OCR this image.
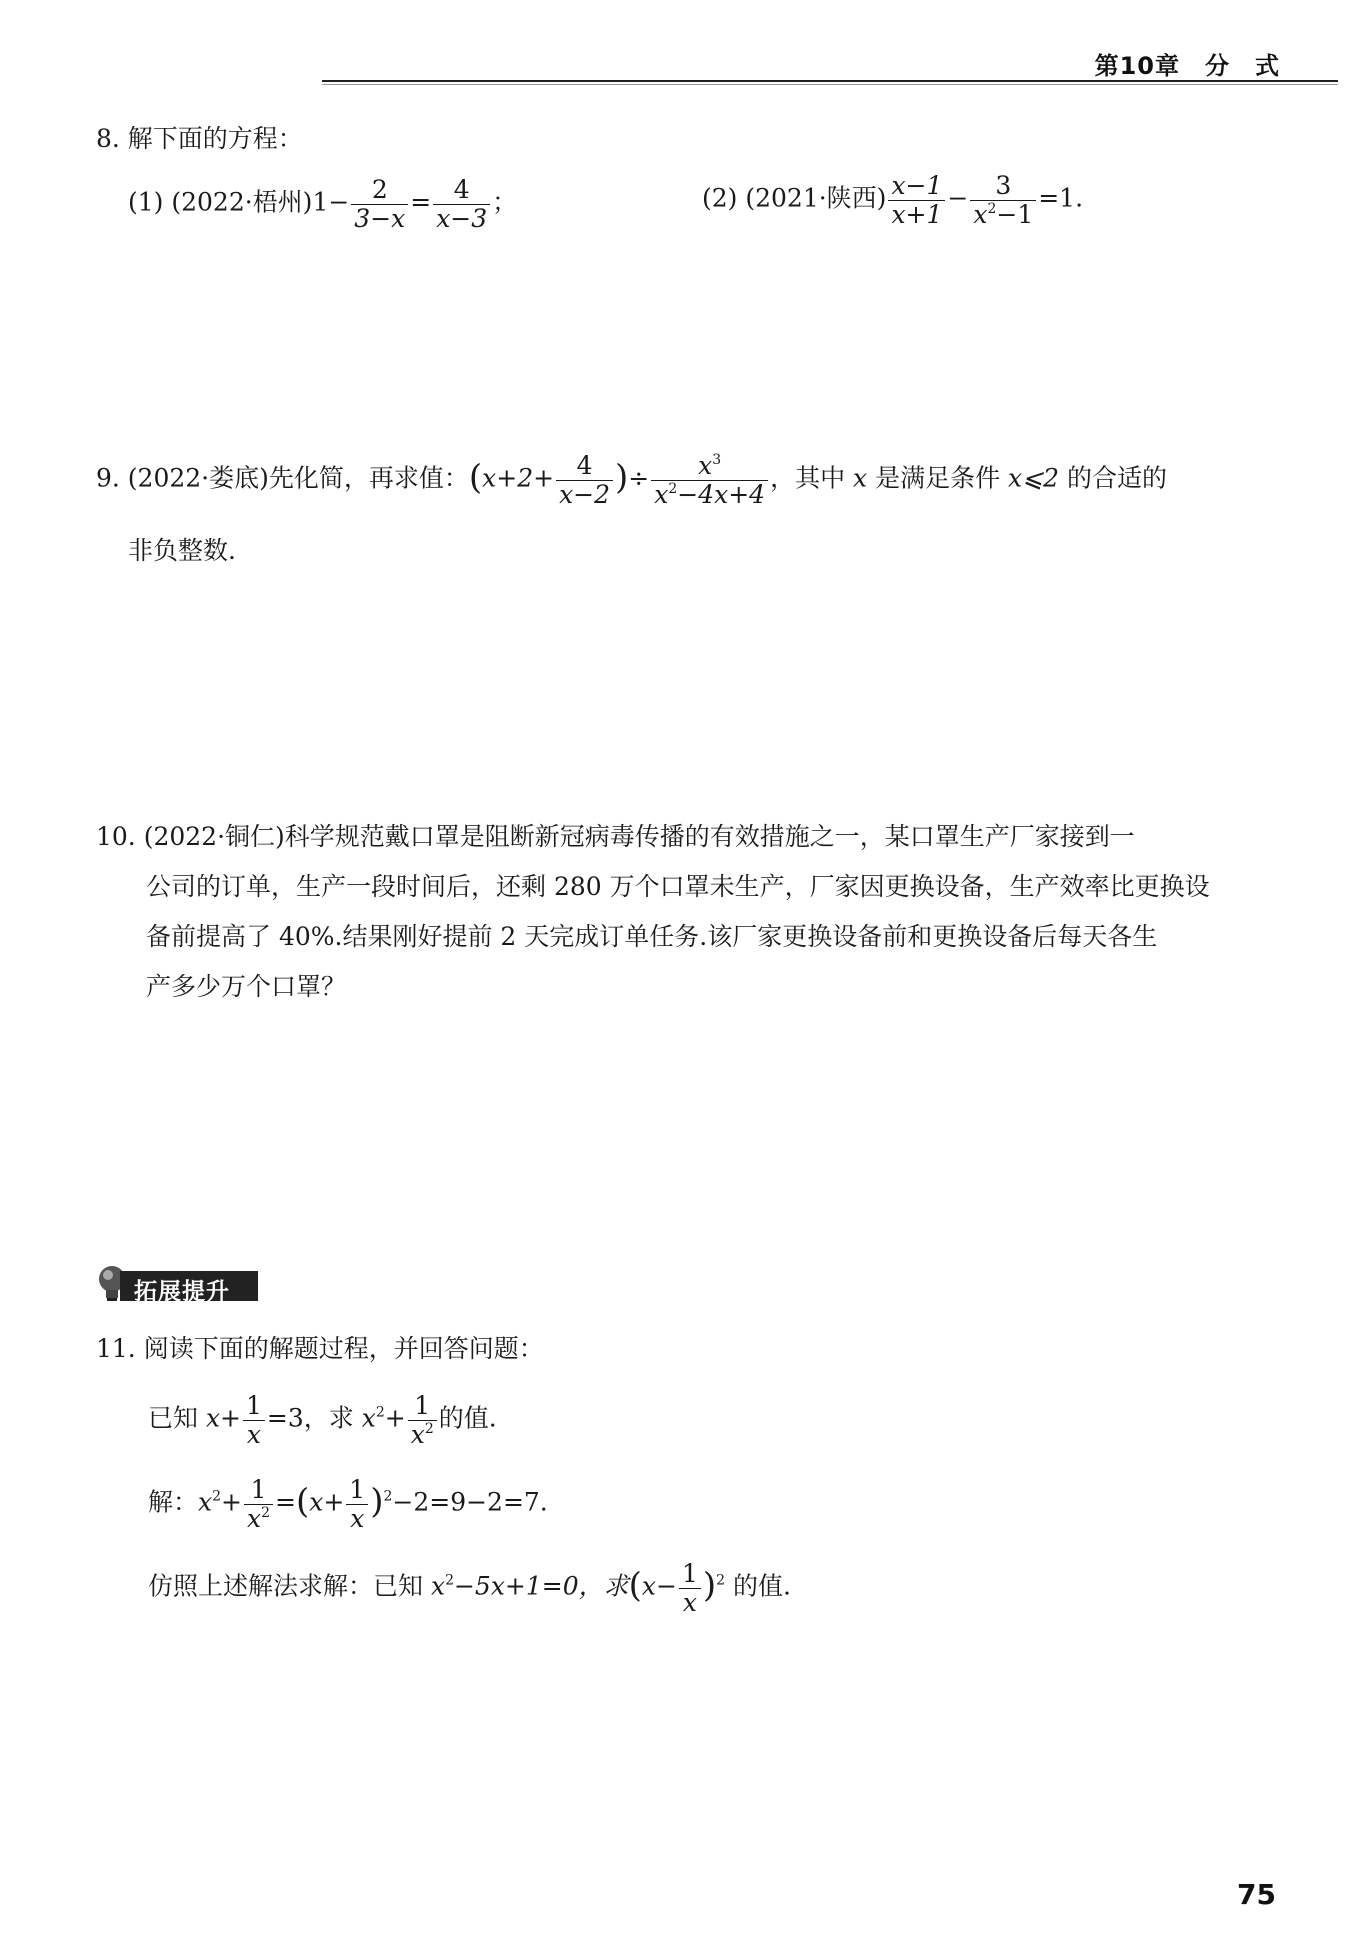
第10章　分　式
8. 解下面的方程：
(1) (2022·梧州)$1- \frac{2}{3-x} = \frac{4}{x-3}$ ；	(2) (2021·陕西) $\frac{x-1}{x+1} - \frac{3}{x^2-1} =1$.
9. (2022·娄底)先化简，再求值：($x+2+ \frac{4}{x-2}$ )÷ $\frac{x^3}{x^2-4x+4}$ ，其中 x 是满足条件 x⩽2 的合适的
非负整数.
10. (2022·铜仁)科学规范戴口罩是阻断新冠病毒传播的有效措施之一，某口罩生产厂家接到一
公司的订单，生产一段时间后，还剩 280 万个口罩未生产，厂家因更换设备，生产效率比更换设
备前提高了 40%.结果刚好提前 2 天完成订单任务.该厂家更换设备前和更换设备后每天各生
产多少万个口罩？
拓展提升
11. 阅读下面的解题过程，并回答问题：
已知 $x+ \frac{1}{x} =3$，求 $x^2+ \frac{1}{x^2}$ 的值.
解：$x^2+ \frac{1}{x^2} =(x+ \frac{1}{x} )^2-2=9-2=7$.
仿照上述解法求解：已知 $x^2-5x+1=0$，求$(x- \frac{1}{x} )^2$ 的值.
75
